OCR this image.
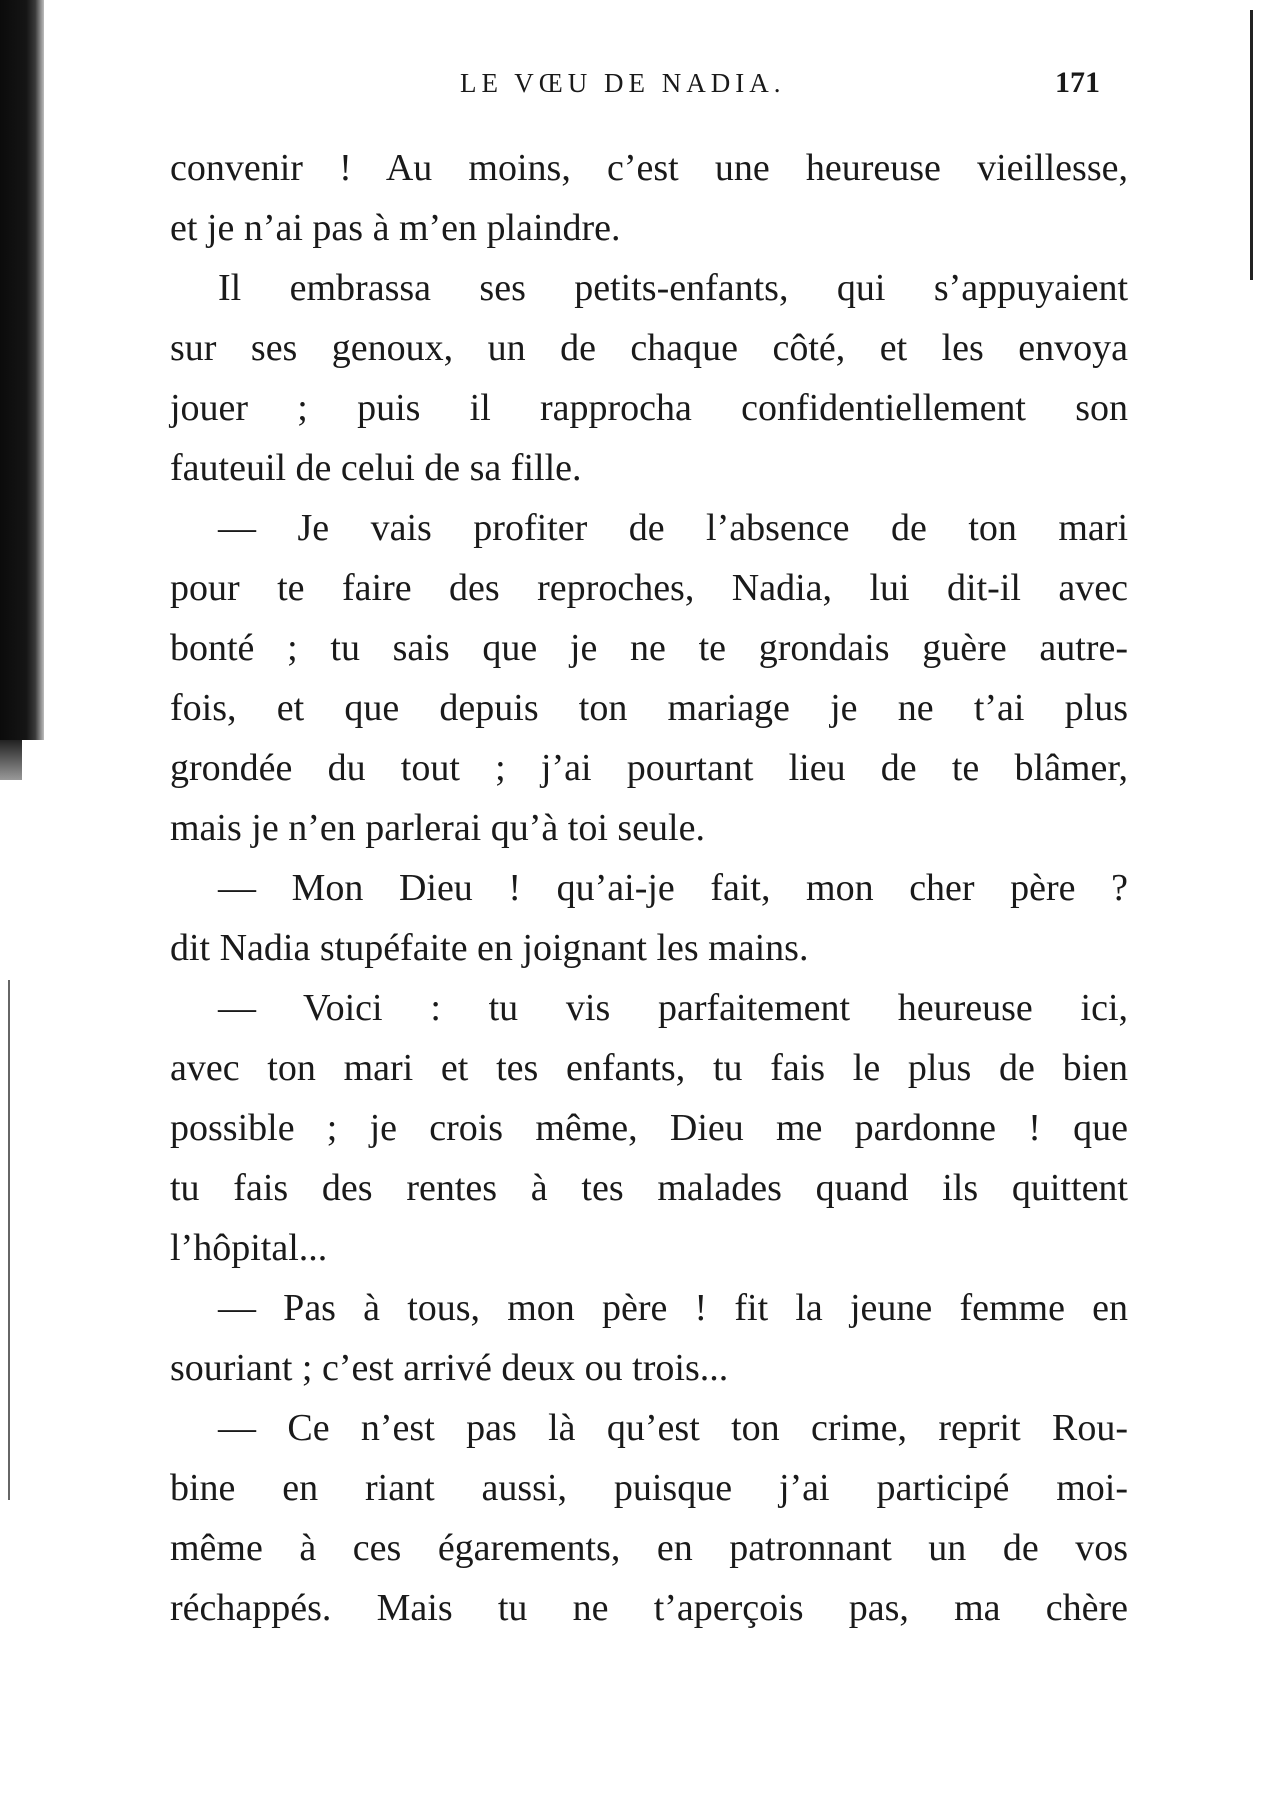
LE VŒU DE NADIA.	171
convenir ! Au moins, c’est une heureuse vieillesse,
et je n’ai pas à m’en plaindre.
Il embrassa ses petits-enfants, qui s’appuyaient
sur ses genoux, un de chaque côté, et les envoya
jouer ; puis il rapprocha confidentiellement son
fauteuil de celui de sa fille.
— Je vais profiter de l’absence de ton mari
pour te faire des reproches, Nadia, lui dit-il avec
bonté ; tu sais que je ne te grondais guère autre-
fois, et que depuis ton mariage je ne t’ai plus
grondée du tout ; j’ai pourtant lieu de te blâmer,
mais je n’en parlerai qu’à toi seule.
— Mon Dieu ! qu’ai-je fait, mon cher père ?
dit Nadia stupéfaite en joignant les mains.
— Voici : tu vis parfaitement heureuse ici,
avec ton mari et tes enfants, tu fais le plus de bien
possible ; je crois même, Dieu me pardonne ! que
tu fais des rentes à tes malades quand ils quittent
l’hôpital...
— Pas à tous, mon père ! fit la jeune femme en
souriant ; c’est arrivé deux ou trois...
— Ce n’est pas là qu’est ton crime, reprit Rou-
bine en riant aussi, puisque j’ai participé moi-
même à ces égarements, en patronnant un de vos
réchappés. Mais tu ne t’aperçois pas, ma chère
